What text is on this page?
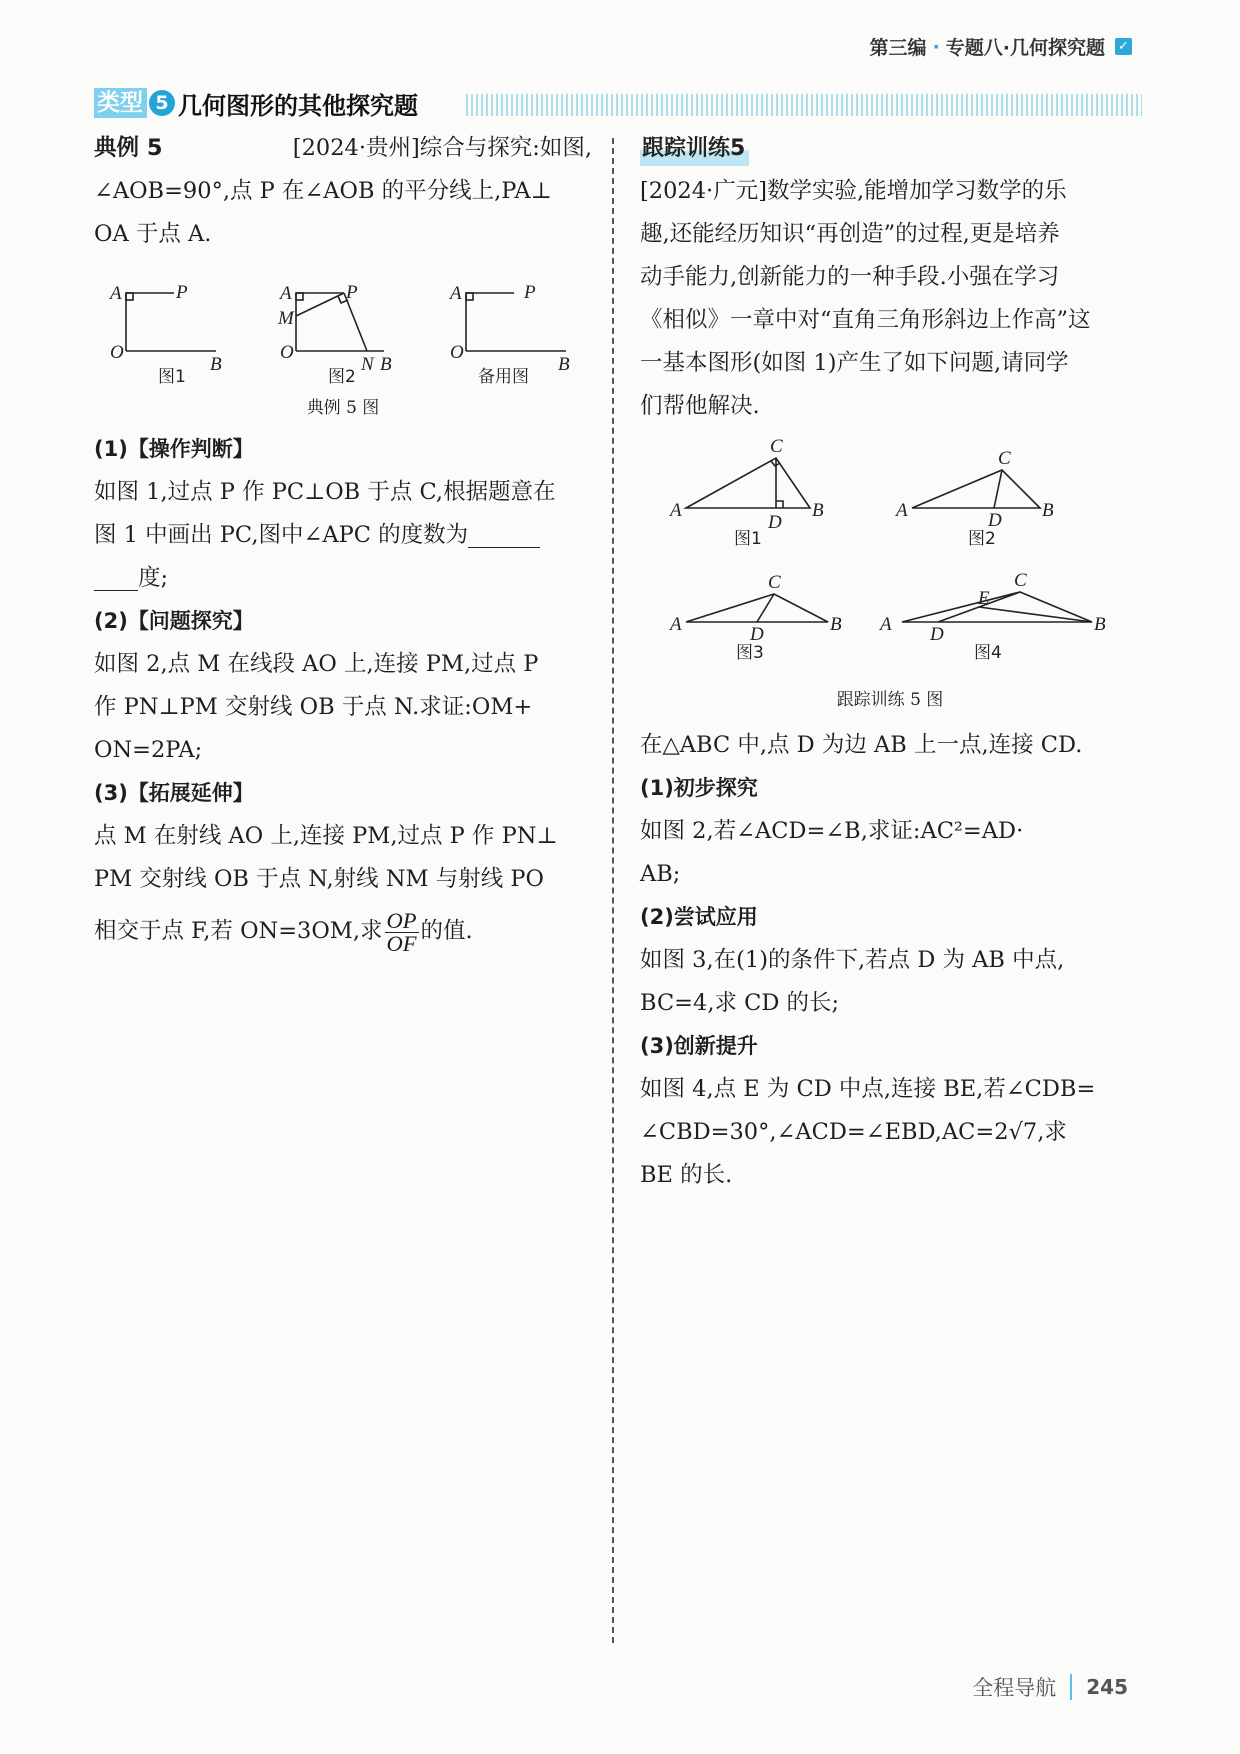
第三编 · 专题八·几何探究题 ✓
类型 5 几何图形的其他探究题
典例 5	[2024·贵州]综合与探究:如图,
∠AOB=90°,点 P 在∠AOB 的平分线上,PA⊥
OA 于点 A.
A	P
O
B
图1
A	P
M
O
N B
图2
A	P
O
B
备用图
典例 5 图
(1)【操作判断】
如图 1,过点 P 作 PC⊥OB 于点 C,根据题意在
图 1 中画出 PC,图中∠APC 的度数为
度;
(2)【问题探究】
如图 2,点 M 在线段 AO 上,连接 PM,过点 P
作 PN⊥PM 交射线 OB 于点 N.求证:OM+
ON=2PA;
(3)【拓展延伸】
点 M 在射线 AO 上,连接 PM,过点 P 作 PN⊥
PM 交射线 OB 于点 N,射线 NM 与射线 PO
相交于点 F,若 ON=3OM,求 $\frac{OP}{OF}$ 的值.
跟踪训练5
[2024·广元]数学实验,能增加学习数学的乐
趣,还能经历知识“再创造”的过程,更是培养
动手能力,创新能力的一种手段.小强在学习
《相似》一章中对“直角三角形斜边上作高”这
一基本图形(如图 1)产生了如下问题,请同学
们帮他解决.
C
A
D
B
图1
C
A	D B
图2
C
A	D	B
图3
C
A D
E
B
图4
跟踪训练 5 图
在△ABC 中,点 D 为边 AB 上一点,连接 CD.
(1)初步探究
如图 2,若∠ACD=∠B,求证:AC²=AD·
AB;
(2)尝试应用
如图 3,在(1)的条件下,若点 D 为 AB 中点,
BC=4,求 CD 的长;
(3)创新提升
如图 4,点 E 为 CD 中点,连接 BE,若∠CDB=
∠CBD=30°,∠ACD=∠EBD,AC=2√7,求
BE 的长.
全程导航 245
